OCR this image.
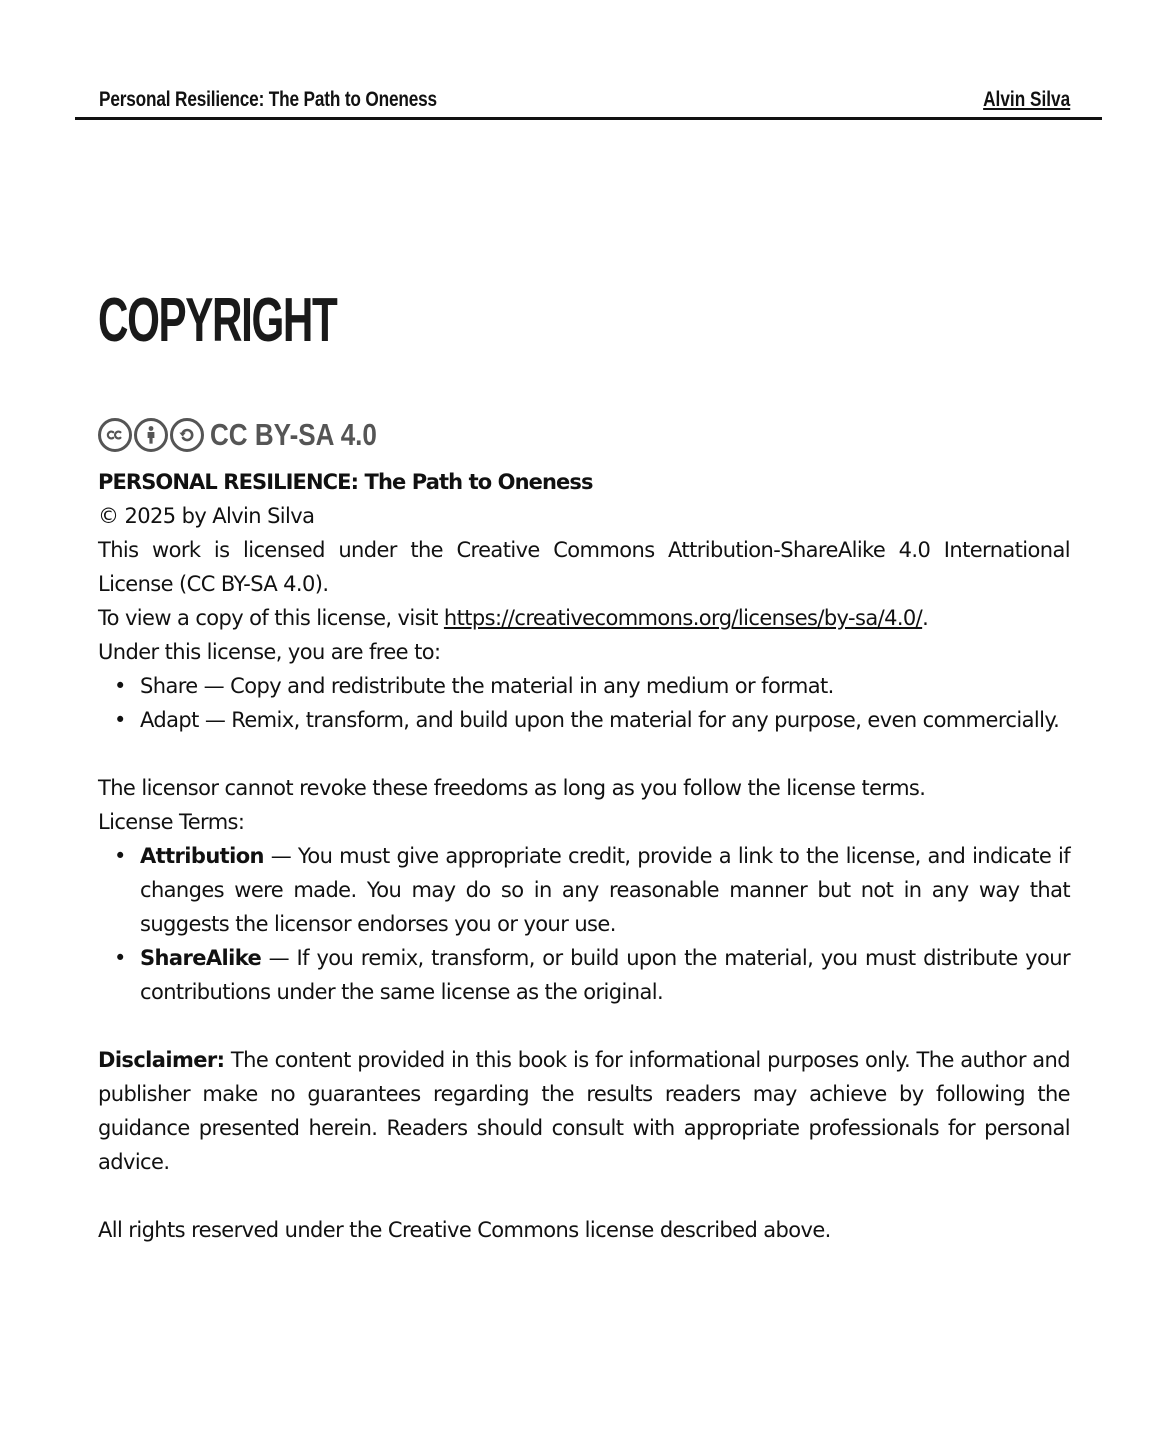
Personal Resilience: The Path to Oneness	Alvin Silva
COPYRIGHT
CC BY-SA 4.0

PERSONAL RESILIENCE: The Path to Oneness

© 2025 by Alvin Silva

This work is licensed under the Creative Commons Attribution-ShareAlike 4.0 International License (CC BY-SA 4.0).

To view a copy of this license, visit https://creativecommons.org/licenses/by-sa/4.0/.

Under this license, you are free to:

• Share — Copy and redistribute the material in any medium or format.
• Adapt — Remix, transform, and build upon the material for any purpose, even commercially.

The licensor cannot revoke these freedoms as long as you follow the license terms.

License Terms:

• Attribution — You must give appropriate credit, provide a link to the license, and indicate if changes were made. You may do so in any reasonable manner but not in any way that suggests the licensor endorses you or your use.
• ShareAlike — If you remix, transform, or build upon the material, you must distribute your contributions under the same license as the original.

Disclaimer: The content provided in this book is for informational purposes only. The author and publisher make no guarantees regarding the results readers may achieve by following the guidance presented herein. Readers should consult with appropriate professionals for personal advice.

All rights reserved under the Creative Commons license described above.
